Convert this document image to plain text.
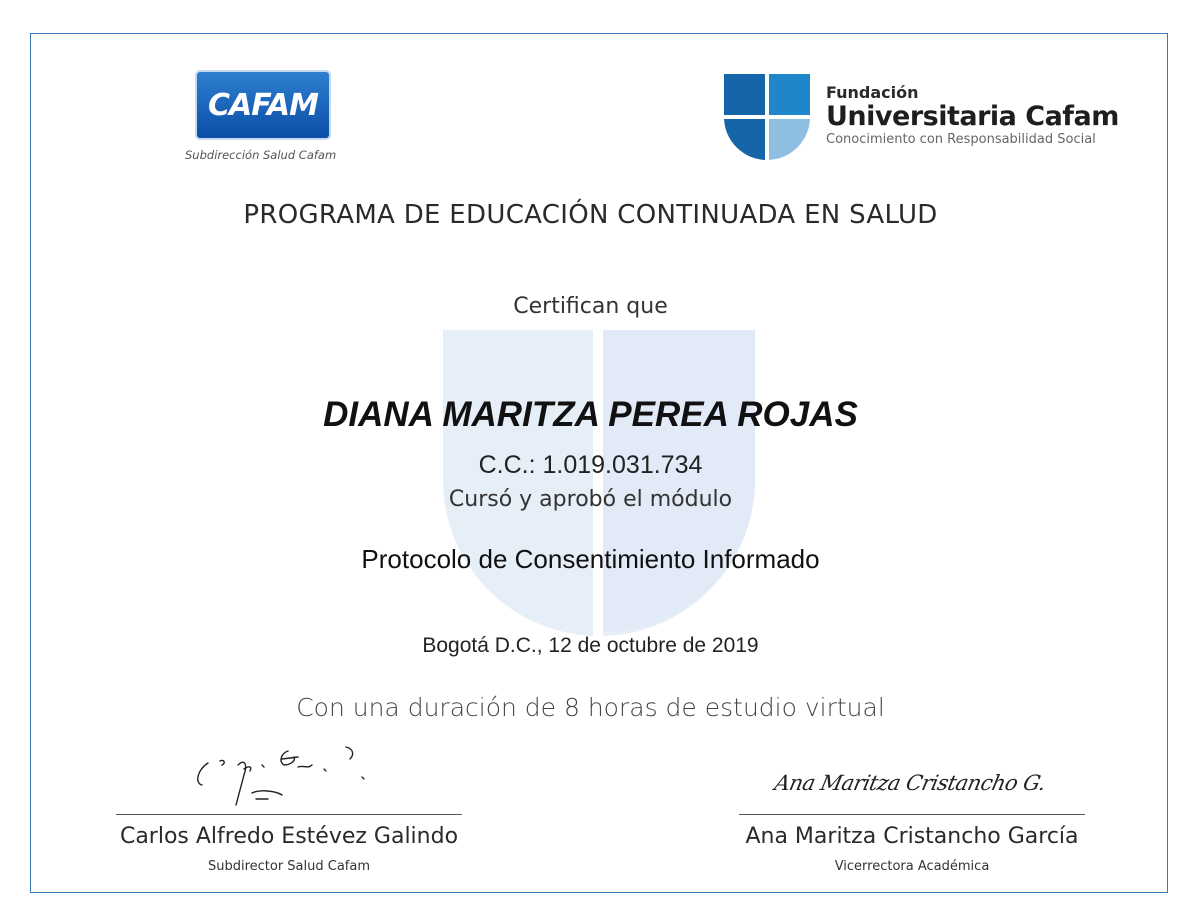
CAFAM
Subdirección Salud Cafam
Fundación
Universitaria Cafam
Conocimiento con Responsabilidad Social
PROGRAMA DE EDUCACIÓN CONTINUADA EN SALUD
Certifican que
DIANA MARITZA PEREA ROJAS
C.C.: 1.019.031.734
Cursó y aprobó el módulo
Protocolo de Consentimiento Informado
Bogotá D.C., 12 de octubre de 2019
Con una duración de 8 horas de estudio virtual
Carlos Alfredo Estévez Galindo
Subdirector Salud Cafam
Ana Maritza Cristancho G.
Ana Maritza Cristancho García
Vicerrectora Académica
